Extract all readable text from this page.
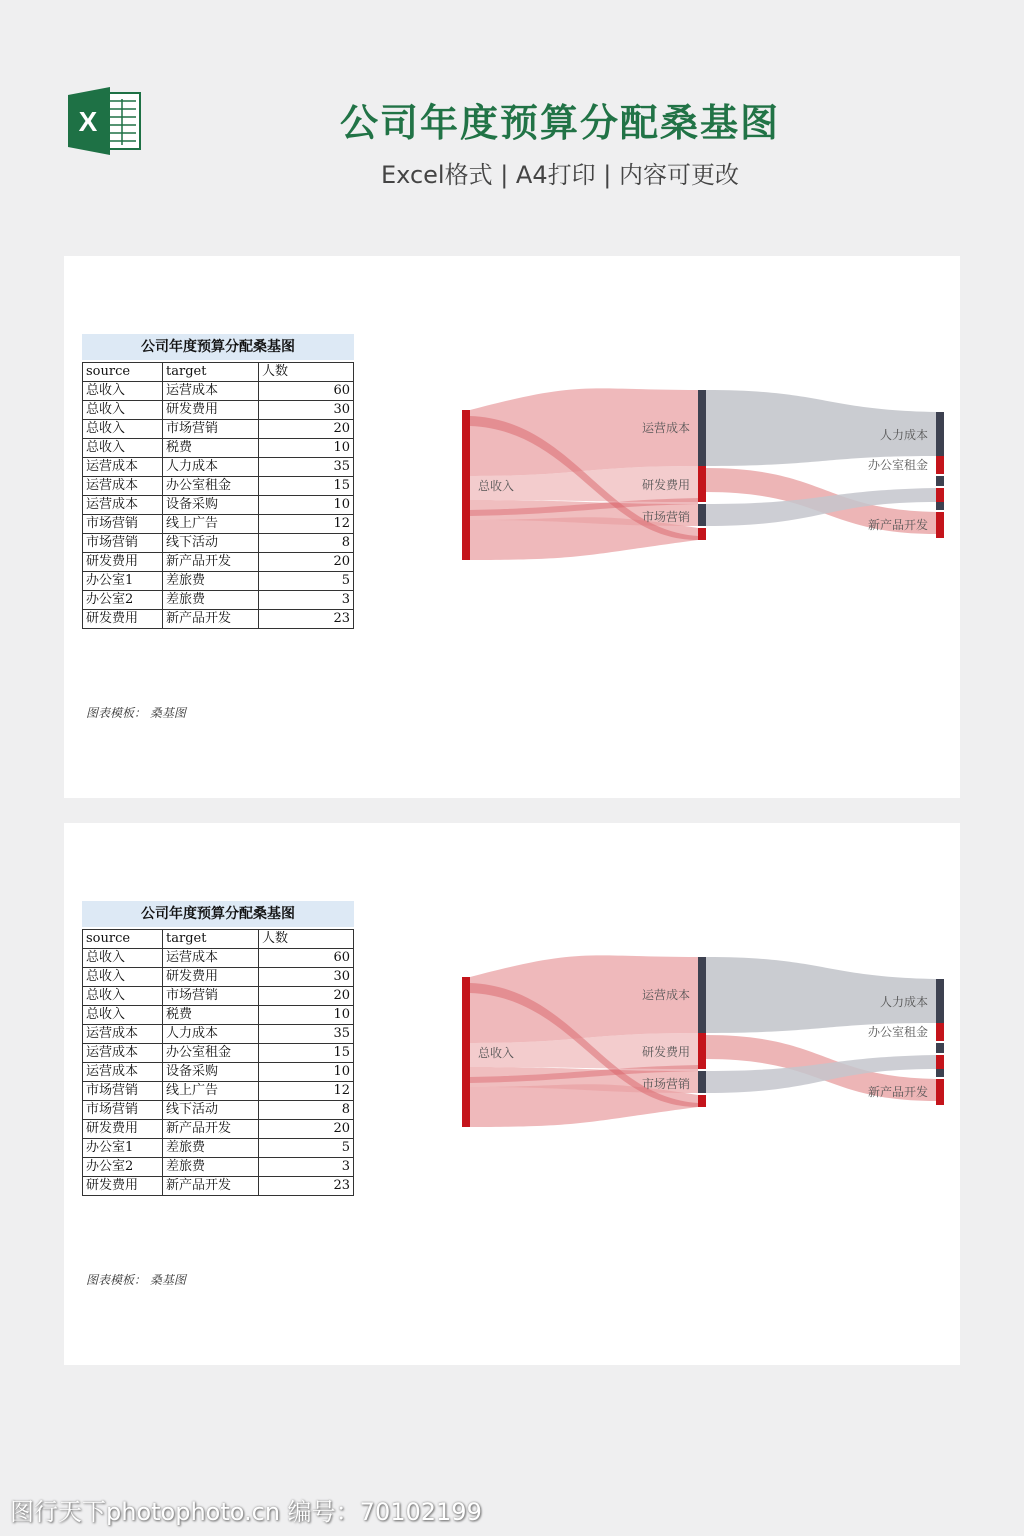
X	公司年度预算分配桑基图
Excel格式 | A4打印 | 内容可更改
公司年度预算分配桑基图
source	target	人数
总收入	运营成本	60
总收入	研发费用	30
总收入	市场营销	20
总收入	税费	10
运营成本	人力成本	35
运营成本	办公室租金	15
运营成本	设备采购	10
市场营销	线上广告	12
市场营销	线下活动	8
研发费用	新产品开发	20
办公室1	差旅费	5
办公室2	差旅费	3
研发费用	新产品开发	23
图表模板： 桑基图
总收入
运营成本
研发费用
市场营销
人力成本
办公室租金
新产品开发
公司年度预算分配桑基图
source	target	人数
总收入	运营成本	60
总收入	研发费用	30
总收入	市场营销	20
总收入	税费	10
运营成本	人力成本	35
运营成本	办公室租金	15
运营成本	设备采购	10
市场营销	线上广告	12
市场营销	线下活动	8
研发费用	新产品开发	20
办公室1	差旅费	5
办公室2	差旅费	3
研发费用	新产品开发	23
图表模板： 桑基图
总收入
运营成本
研发费用
市场营销
人力成本
办公室租金
新产品开发
图行天下photophoto.cn 编号：70102199
